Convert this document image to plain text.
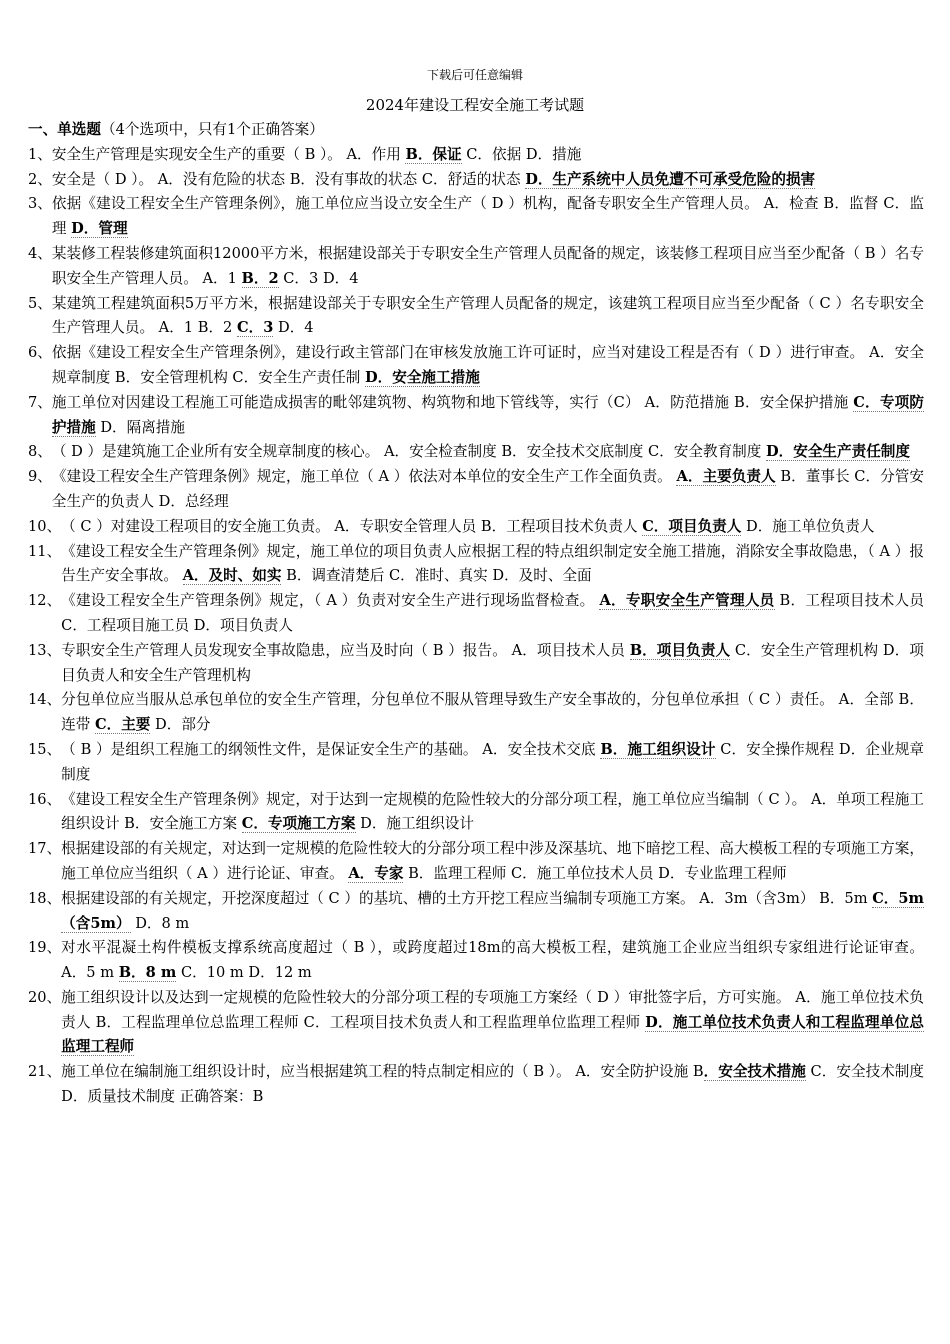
下载后可任意编辑
2024年建设工程安全施工考试题
一、单选题（4个选项中，只有1个正确答案）
1、 安全生产管理是实现安全生产的重要（ B ）。 A．作用 B．保证 C．依据 D．措施
2、 安全是（ D ）。 A．没有危险的状态 B．没有事故的状态 C．舒适的状态 D．生产系统中人员免遭不可承受危险的损害
3、 依据《建设工程安全生产管理条例》，施工单位应当设立安全生产（ D ）机构，配备专职安全生产管理人员。 A．检查 B．监督 C．监理 D．管理
4、 某装修工程装修建筑面积12000平方米，根据建设部关于专职安全生产管理人员配备的规定，该装修工程项目应当至少配备（ B ）名专职安全生产管理人员。 A．1 B．2 C．3 D．4
5、 某建筑工程建筑面积5万平方米，根据建设部关于专职安全生产管理人员配备的规定，该建筑工程项目应当至少配备（ C ）名专职安全生产管理人员。 A．1 B．2 C．3 D．4
6、 依据《建设工程安全生产管理条例》，建设行政主管部门在审核发放施工许可证时，应当对建设工程是否有（ D ）进行审查。 A．安全规章制度 B．安全管理机构 C．安全生产责任制 D．安全施工措施
7、 施工单位对因建设工程施工可能造成损害的毗邻建筑物、构筑物和地下管线等，实行（C） A．防范措施 B．安全保护措施 C．专项防护措施 D．隔离措施
8、 （ D ）是建筑施工企业所有安全规章制度的核心。 A．安全检查制度 B．安全技术交底制度 C．安全教育制度 D．安全生产责任制度
9、 《建设工程安全生产管理条例》规定，施工单位（ A ）依法对本单位的安全生产工作全面负责。 A．主要负责人 B．董事长 C．分管安全生产的负责人 D．总经理
10、 （ C ）对建设工程项目的安全施工负责。 A．专职安全管理人员 B．工程项目技术负责人 C．项目负责人 D．施工单位负责人
11、 《建设工程安全生产管理条例》规定，施工单位的项目负责人应根据工程的特点组织制定安全施工措施，消除安全事故隐患，（ A ）报告生产安全事故。 A．及时、如实 B．调查清楚后 C．准时、真实 D．及时、全面
12、 《建设工程安全生产管理条例》规定，（ A ）负责对安全生产进行现场监督检查。 A．专职安全生产管理人员 B．工程项目技术人员 C．工程项目施工员 D．项目负责人
13、 专职安全生产管理人员发现安全事故隐患，应当及时向（ B ）报告。 A．项目技术人员 B．项目负责人 C．安全生产管理机构 D．项目负责人和安全生产管理机构
14、 分包单位应当服从总承包单位的安全生产管理，分包单位不服从管理导致生产安全事故的，分包单位承担（ C ）责任。 A．全部 B．连带 C．主要 D．部分
15、 （ B ）是组织工程施工的纲领性文件，是保证安全生产的基础。 A．安全技术交底 B．施工组织设计 C．安全操作规程 D．企业规章制度
16、 《建设工程安全生产管理条例》规定，对于达到一定规模的危险性较大的分部分项工程，施工单位应当编制（ C ）。 A．单项工程施工组织设计 B．安全施工方案 C．专项施工方案 D．施工组织设计
17、 根据建设部的有关规定，对达到一定规模的危险性较大的分部分项工程中涉及深基坑、地下暗挖工程、高大模板工程的专项施工方案，施工单位应当组织（ A ）进行论证、审查。 A．专家 B．监理工程师 C．施工单位技术人员 D．专业监理工程师
18、 根据建设部的有关规定，开挖深度超过（ C ）的基坑、槽的土方开挖工程应当编制专项施工方案。 A．3m（含3m） B．5m C．5m（含5m） D．8 m
19、 对水平混凝土构件模板支撑系统高度超过（ B ），或跨度超过18m的高大模板工程，建筑施工企业应当组织专家组进行论证审查。 A．5 m B．8 m C．10 m D．12 m
20、 施工组织设计以及达到一定规模的危险性较大的分部分项工程的专项施工方案经（ D ）审批签字后，方可实施。 A．施工单位技术负责人 B．工程监理单位总监理工程师 C．工程项目技术负责人和工程监理单位监理工程师 D．施工单位技术负责人和工程监理单位总监理工程师
21、 施工单位在编制施工组织设计时，应当根据建筑工程的特点制定相应的（ B ）。 A．安全防护设施 B．安全技术措施 C．安全技术制度 D．质量技术制度 正确答案：B
